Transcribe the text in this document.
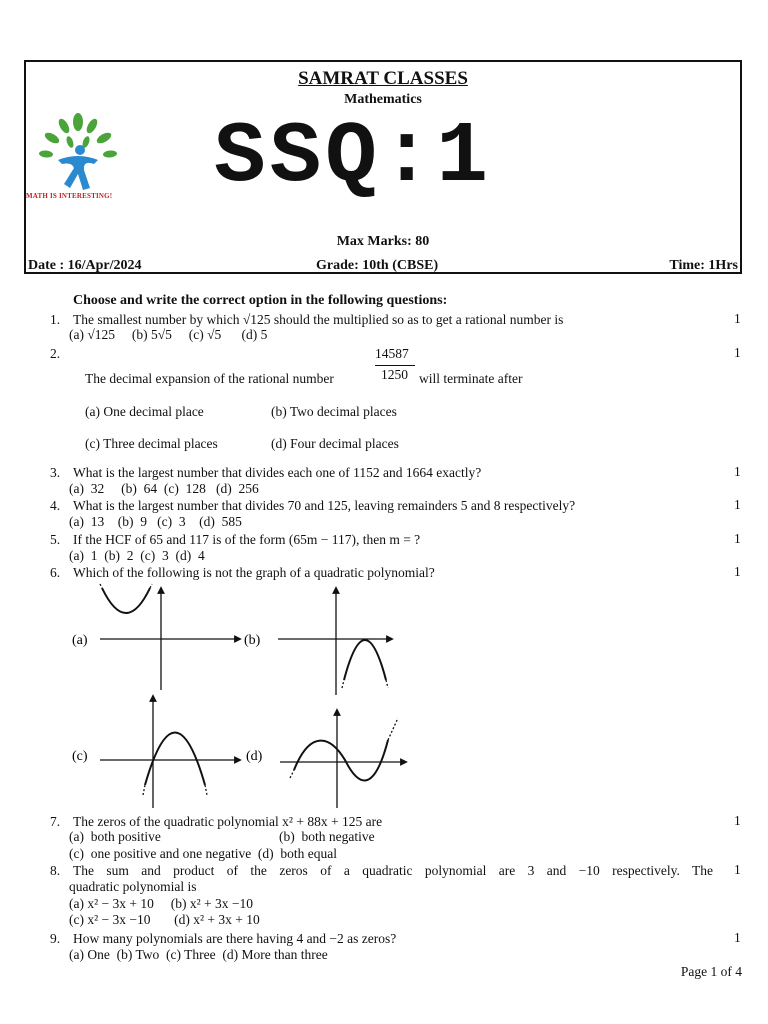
SAMRAT CLASSES
Mathematics
MATH IS INTERESTING! SSQ:1
Max Marks: 80
Date : 16/Apr/2024	Grade: 10th (CBSE)	Time: 1Hrs
Choose and write the correct option in the following questions:
1. The smallest number by which √125 should the multiplied so as to get a rational number is	1
(a) √125     (b) 5√5     (c) √5      (d) 5
2.	1
14587
1250
The decimal expansion of the rational number	will terminate after
(a) One decimal place	(b) Two decimal places
(c) Three decimal places	(d) Four decimal places
3. What is the largest number that divides each one of 1152 and 1664 exactly?	1
(a)  32     (b)  64  (c)  128   (d)  256
4. What is the largest number that divides 70 and 125, leaving remainders 5 and 8 respectively?	1
(a)  13    (b)  9   (c)  3    (d)  585
5. If the HCF of 65 and 117 is of the form (65m − 117), then m = ?	1
(a)  1  (b)  2  (c)  3  (d)  4
6. Which of the following is not the graph of a quadratic polynomial?	1
(a)	(b)
(c)	(d)
7. The zeros of the quadratic polynomial x² + 88x + 125 are	1
(a)  both positive	(b)  both negative
(c)  one positive and one negative  (d)  both equal
8. The sum and product of the zeros of a quadratic polynomial are 3 and −10 respectively. The 1
quadratic polynomial is
(a) x² − 3x + 10     (b) x² + 3x −10
(c) x² − 3x −10       (d) x² + 3x + 10
9. How many polynomials are there having 4 and −2 as zeros?	1
(a) One  (b) Two  (c) Three  (d) More than three
Page 1 of 4
